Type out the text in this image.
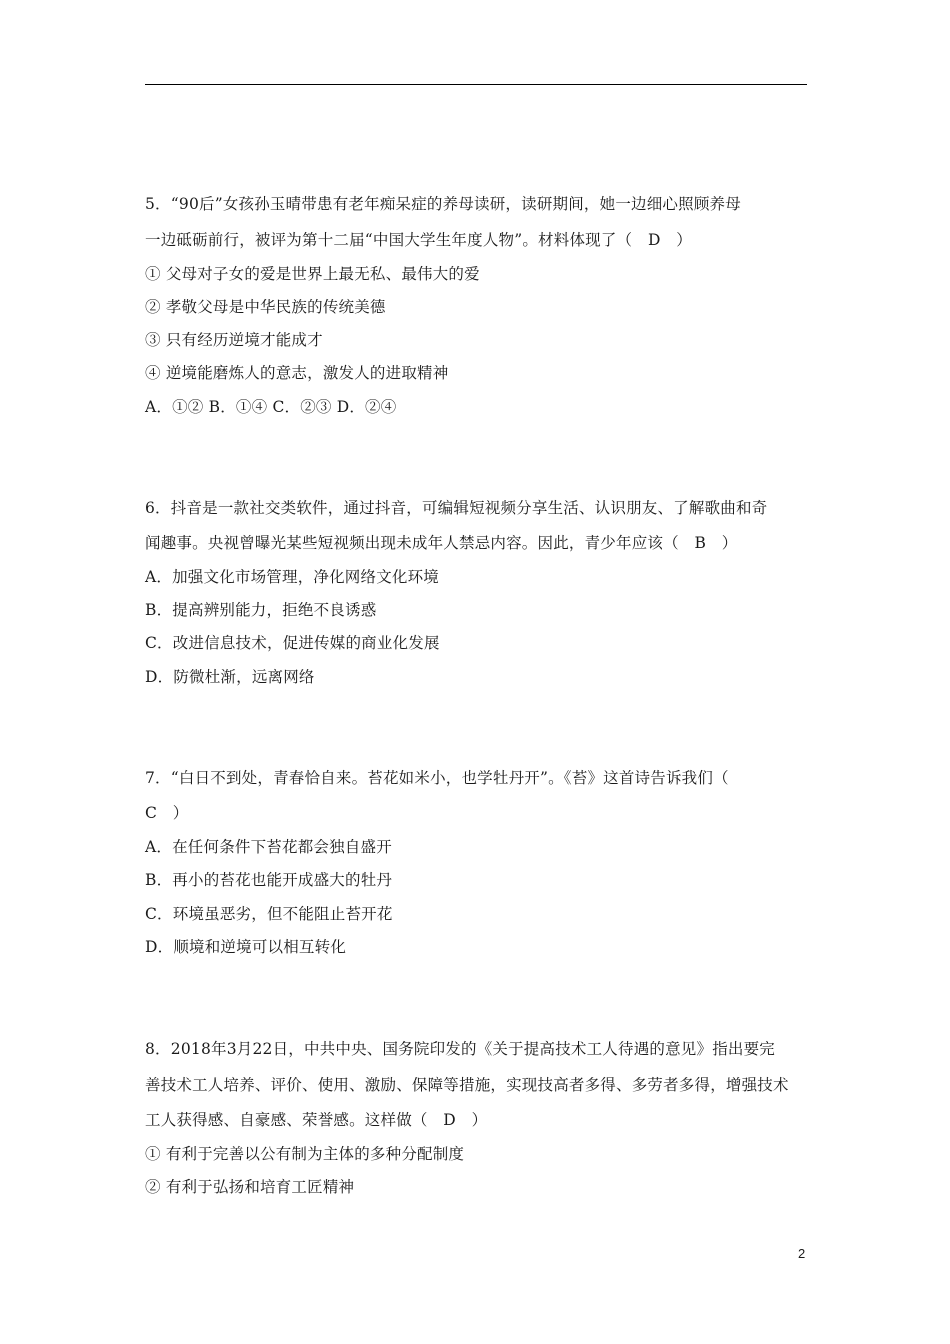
5．“90后”女孩孙玉晴带患有老年痴呆症的养母读研，读研期间，她一边细心照顾养母
一边砥砺前行，被评为第十二届“中国大学生年度人物”。材料体现了（　D　）
① 父母对子女的爱是世界上最无私、最伟大的爱
② 孝敬父母是中华民族的传统美德
③ 只有经历逆境才能成才
④ 逆境能磨炼人的意志，激发人的进取精神
A．①② B．①④ C．②③ D．②④
6．抖音是一款社交类软件，通过抖音，可编辑短视频分享生活、认识朋友、了解歌曲和奇
闻趣事。央视曾曝光某些短视频出现未成年人禁忌内容。因此，青少年应该（　B　）
A．加强文化市场管理，净化网络文化环境
B．提高辨别能力，拒绝不良诱惑
C．改进信息技术，促进传媒的商业化发展
D．防微杜渐，远离网络
7．“白日不到处，青春恰自来。苔花如米小，也学牡丹开”。《苔》这首诗告诉我们（
C　）
A．在任何条件下苔花都会独自盛开
B．再小的苔花也能开成盛大的牡丹
C．环境虽恶劣，但不能阻止苔开花
D．顺境和逆境可以相互转化
8．2018年3月22日，中共中央、国务院印发的《关于提高技术工人待遇的意见》指出要完
善技术工人培养、评价、使用、激励、保障等措施，实现技高者多得、多劳者多得，增强技术
工人获得感、自豪感、荣誉感。这样做（　D　）
① 有利于完善以公有制为主体的多种分配制度
② 有利于弘扬和培育工匠精神
2
